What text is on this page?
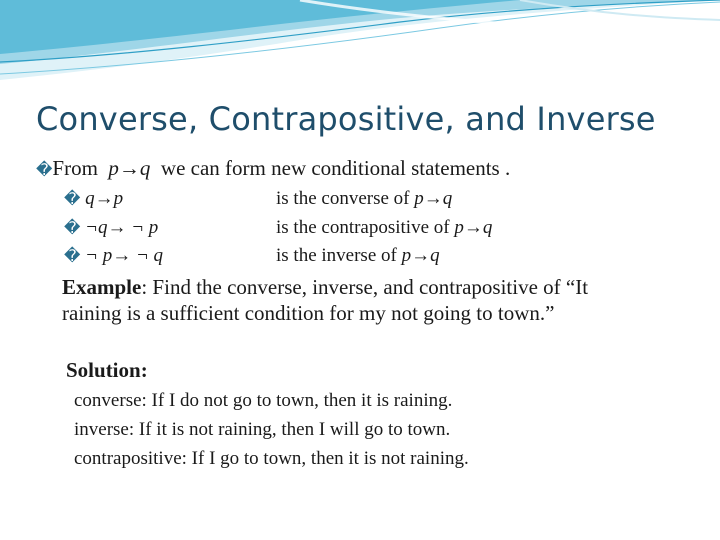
Converse, Contrapositive, and Inverse
�From p→q we can form new conditional statements .
� q→p	is the converse of p→q
� ¬q→ ¬ p	is the contrapositive of p→q
� ¬ p→ ¬ q	is the inverse of p→q
Example: Find the converse, inverse, and contrapositive of “It raining is a sufficient condition for my not going to town.”
Solution:
converse: If I do not go to town, then it is raining.
inverse: If it is not raining, then I will go to town.
contrapositive: If I go to town, then it is not raining.
